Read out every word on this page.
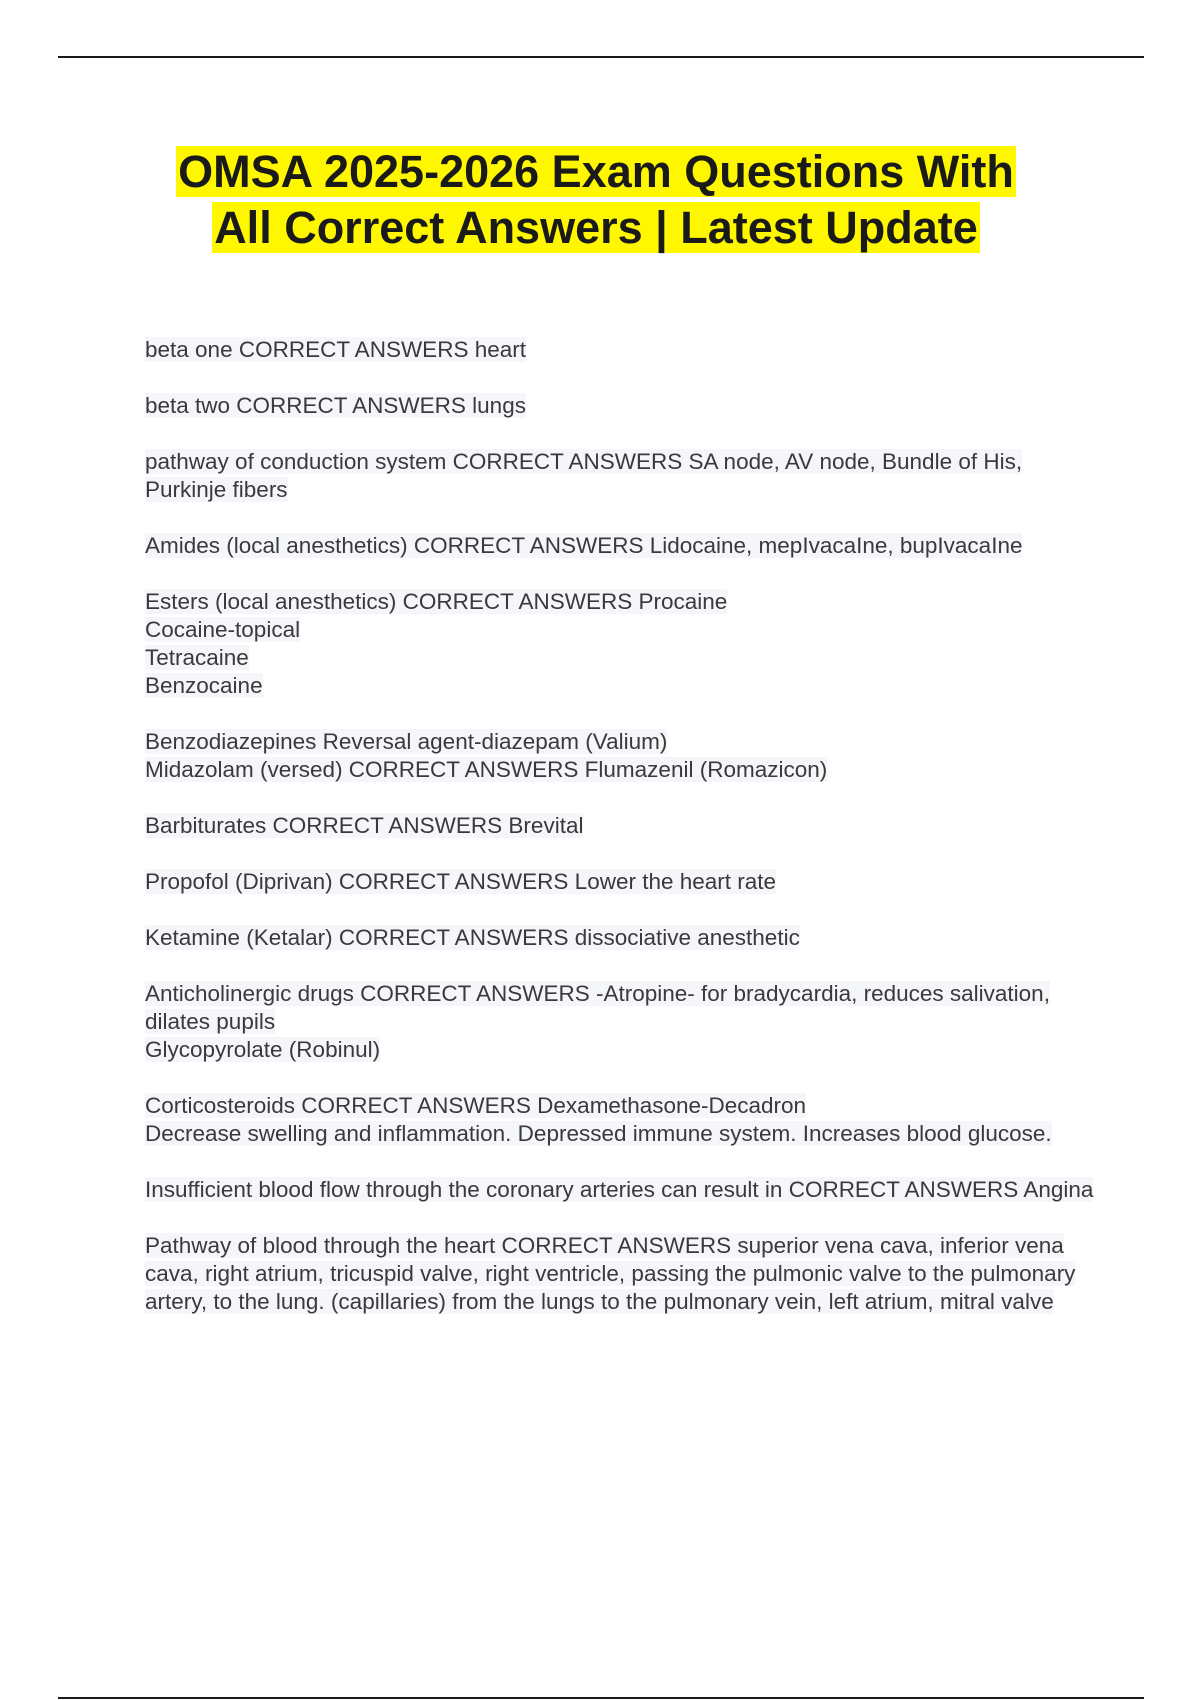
OMSA 2025-2026 Exam Questions With All Correct Answers | Latest Update

beta one CORRECT ANSWERS heart

beta two CORRECT ANSWERS lungs

pathway of conduction system CORRECT ANSWERS SA node, AV node, Bundle of His, Purkinje fibers

Amides (local anesthetics) CORRECT ANSWERS Lidocaine, mepIvacaIne, bupIvacaIne

Esters (local anesthetics) CORRECT ANSWERS Procaine
Cocaine-topical
Tetracaine
Benzocaine

Benzodiazepines Reversal agent-diazepam (Valium)
Midazolam (versed) CORRECT ANSWERS Flumazenil (Romazicon)

Barbiturates CORRECT ANSWERS Brevital

Propofol (Diprivan) CORRECT ANSWERS Lower the heart rate

Ketamine (Ketalar) CORRECT ANSWERS dissociative anesthetic

Anticholinergic drugs CORRECT ANSWERS -Atropine- for bradycardia, reduces salivation, dilates pupils
Glycopyrolate (Robinul)

Corticosteroids CORRECT ANSWERS Dexamethasone-Decadron
Decrease swelling and inflammation. Depressed immune system. Increases blood glucose.

Insufficient blood flow through the coronary arteries can result in CORRECT ANSWERS Angina

Pathway of blood through the heart CORRECT ANSWERS superior vena cava, inferior vena cava, right atrium, tricuspid valve, right ventricle, passing the pulmonic valve to the pulmonary artery, to the lung. (capillaries) from the lungs to the pulmonary vein, left atrium, mitral valve
